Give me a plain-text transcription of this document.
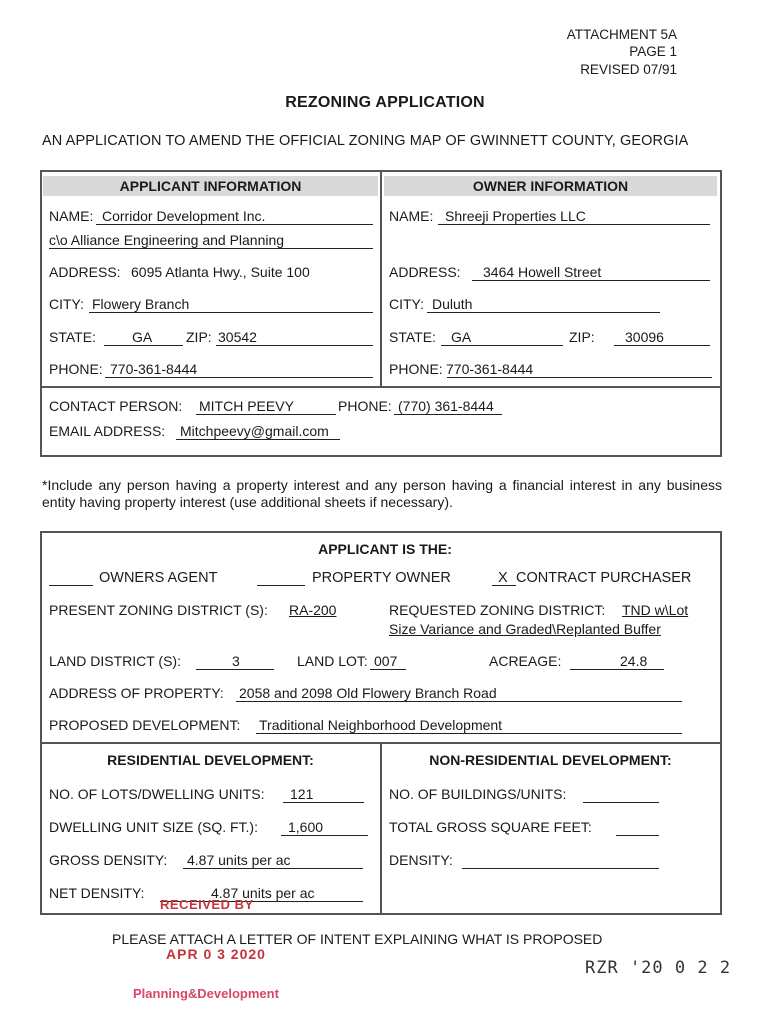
ATTACHMENT 5A
PAGE 1
REVISED 07/91
REZONING APPLICATION
AN APPLICATION TO AMEND THE OFFICIAL ZONING MAP OF GWINNETT COUNTY, GEORGIA
APPLICANT INFORMATION	OWNER INFORMATION
NAME: Corridor Development Inc.
c\o Alliance Engineering and Planning
ADDRESS: 6095 Atlanta Hwy., Suite 100
CITY: Flowery Branch
STATE:	GA ZIP: 30542
PHONE: 770-361-8444
NAME: Shreeji Properties LLC
ADDRESS: 3464 Howell Street
CITY: Duluth
STATE: GA	ZIP: 30096
PHONE: 770-361-8444
CONTACT PERSON: MITCH PEEVY	PHONE: (770) 361-8444
EMAIL ADDRESS: Mitchpeevy@gmail.com
*Include any person having a property interest and any person having a financial interest in any business entity having property interest (use additional sheets if necessary).
APPLICANT IS THE:
OWNERS AGENT	PROPERTY OWNER	X CONTRACT PURCHASER
PRESENT ZONING DISTRICT (S): RA-200	REQUESTED ZONING DISTRICT: TND w\Lot
Size Variance and Graded\Replanted Buffer
LAND DISTRICT (S):	3	LAND LOT: 007	ACREAGE:	24.8
ADDRESS OF PROPERTY: 2058 and 2098 Old Flowery Branch Road
PROPOSED DEVELOPMENT: Traditional Neighborhood Development
RESIDENTIAL DEVELOPMENT:	NON-RESIDENTIAL DEVELOPMENT:
NO. OF LOTS/DWELLING UNITS: 121
DWELLING UNIT SIZE (SQ. FT.): 1,600
GROSS DENSITY: 4.87 units per ac
NET DENSITY:	4.87 units per ac
NO. OF BUILDINGS/UNITS:
TOTAL GROSS SQUARE FEET:
DENSITY:
RECEIVED BY
PLEASE ATTACH A LETTER OF INTENT EXPLAINING WHAT IS PROPOSED
APR 0 3 2020
RZR '20 0 2 2
Planning&Development
